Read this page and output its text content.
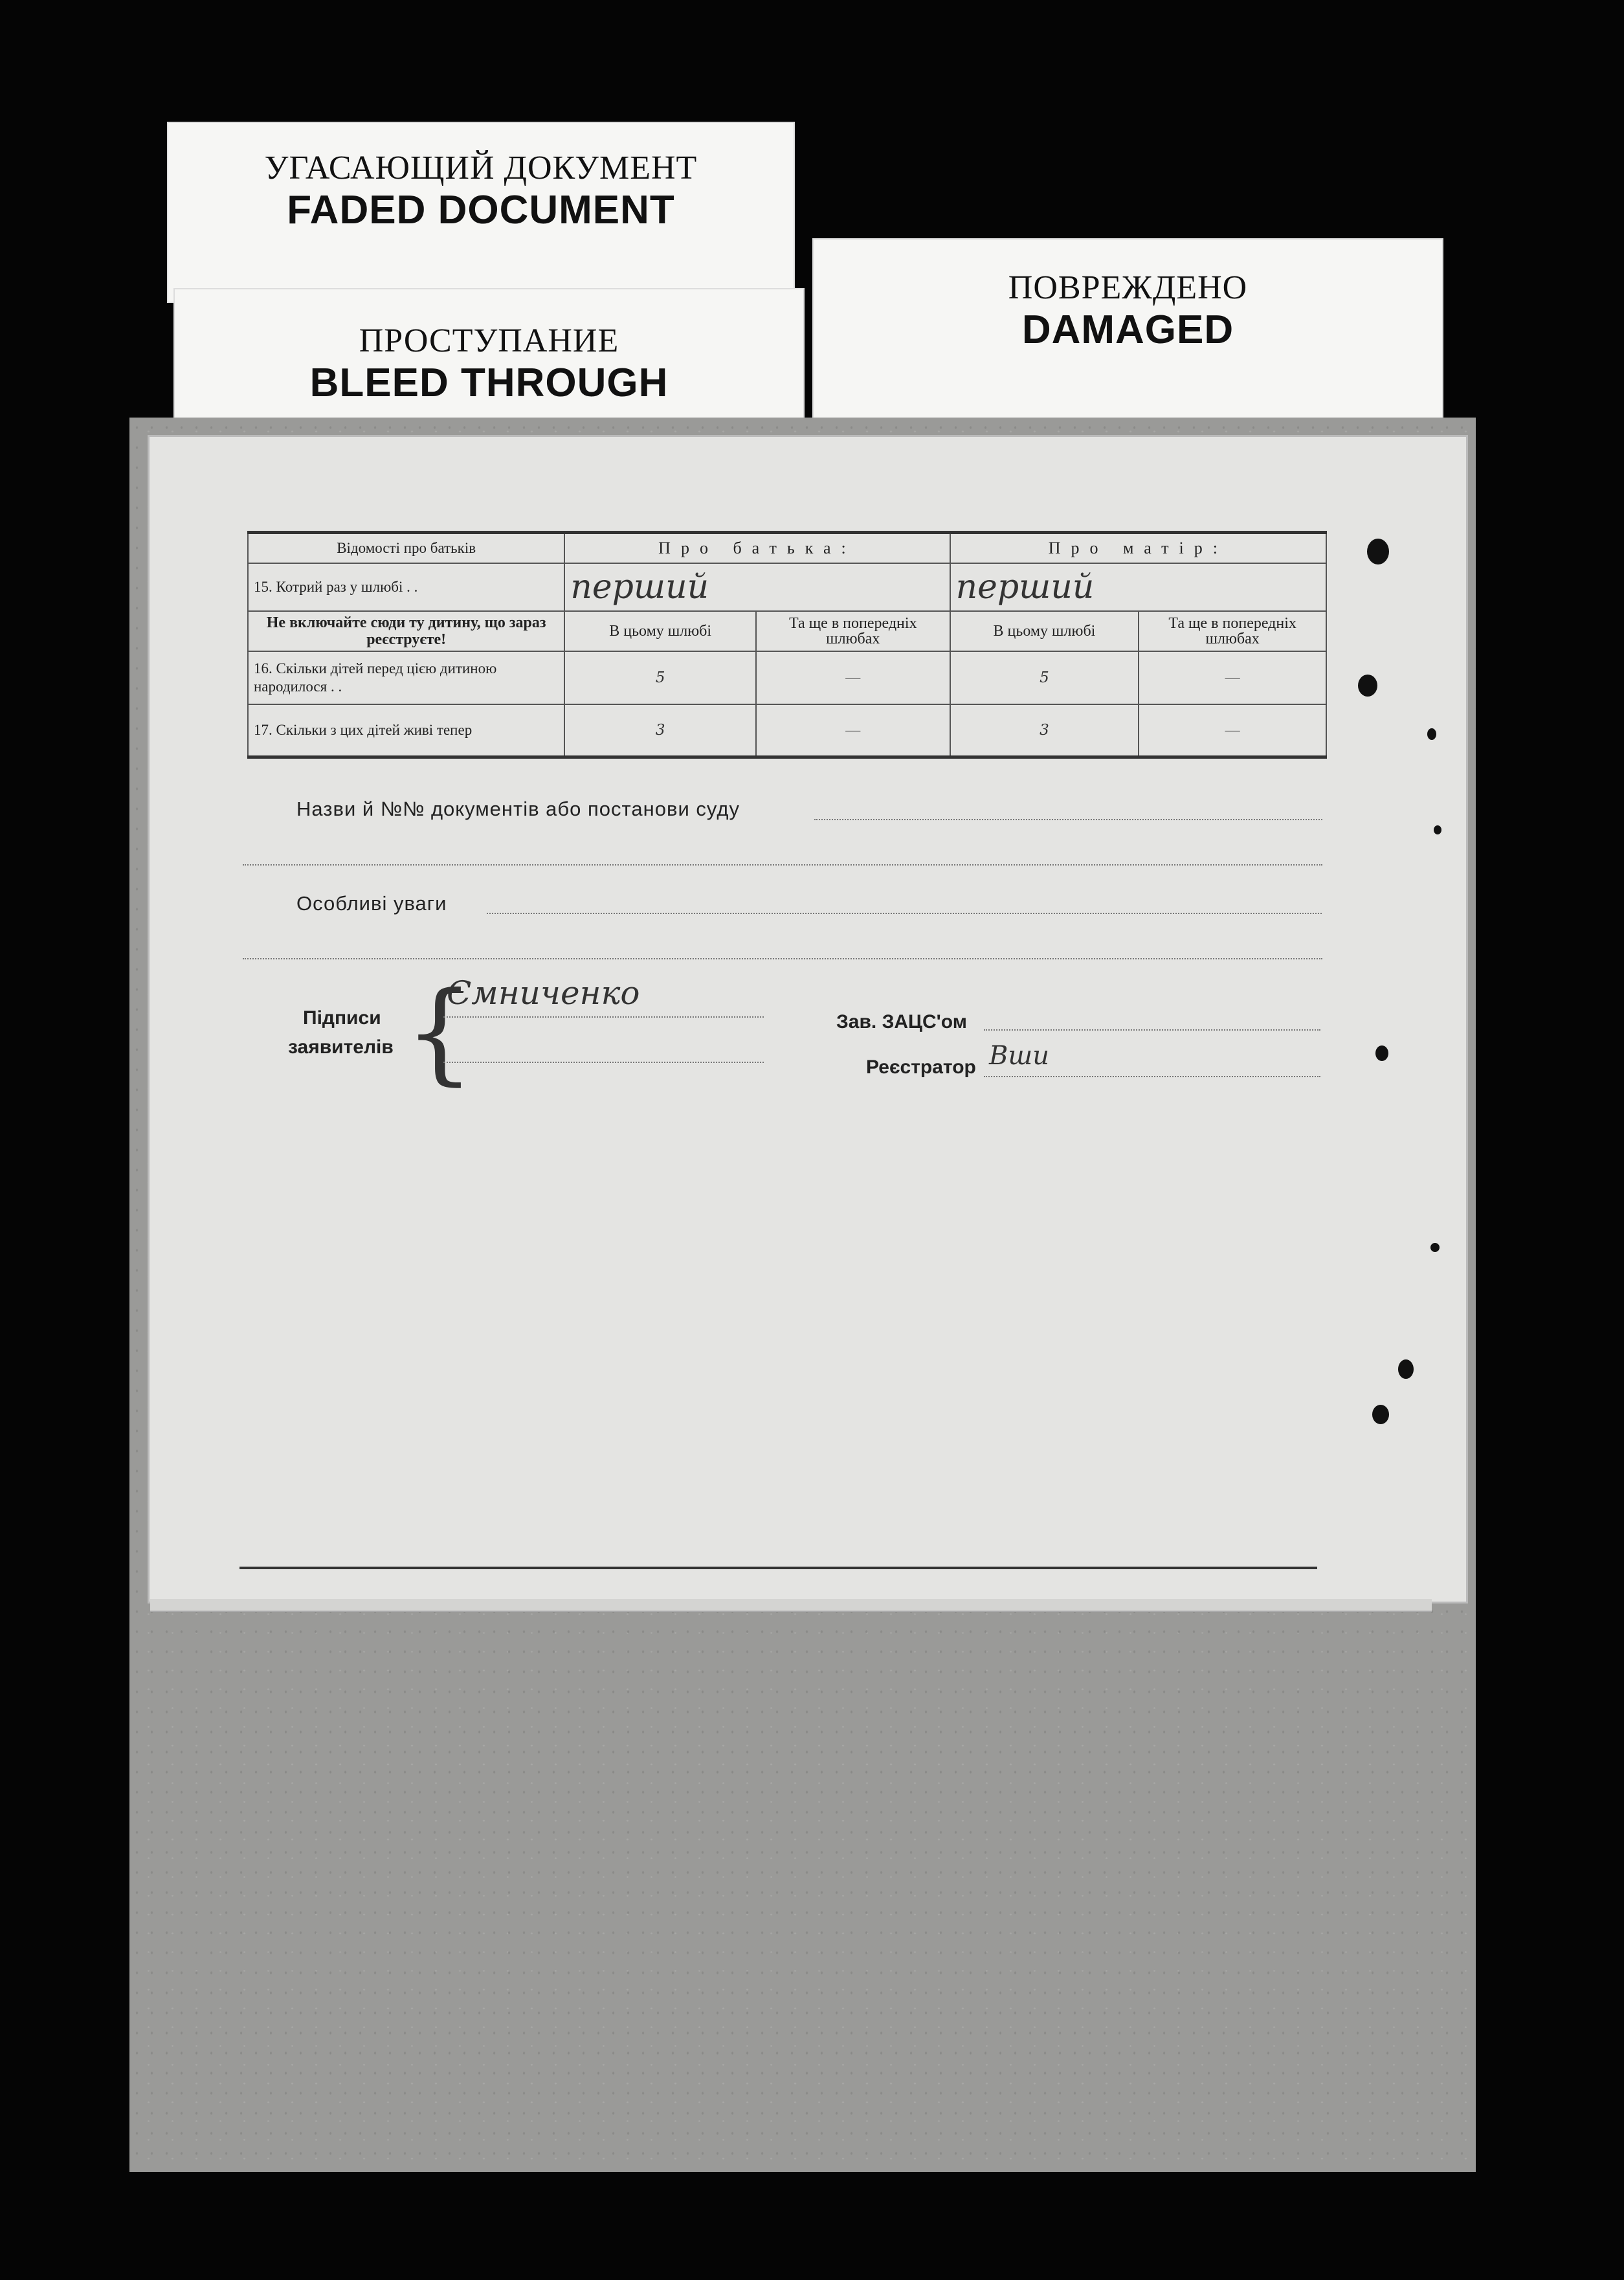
УГАСАЮЩИЙ ДОКУМЕНТ
FADED DOCUMENT
ПРОСТУПАНИЕ
BLEED THROUGH
ПОВРЕЖДЕНО
DAMAGED
Відомості про батьків	Про батька:		Про матір:	
15. Котрий раз у шлюбі . .	перший		перший	
Не включайте сюди ту дитину, що зараз реєструєте!	В цьому шлюбі	Та ще в попередніх шлюбах	В цьому шлюбі	Та ще в попередніх шлюбах
16. Скільки дітей перед цією дитиною народилося . .	5	—	5	—
17. Скільки з цих дітей живі тепер	3	—	3	—
Назви й №№ документів або постанови суду
Особливі уваги
Підписи
заявителів {
Ємниченко
Зав. ЗАЦС'ом
Реєстратор Вши
